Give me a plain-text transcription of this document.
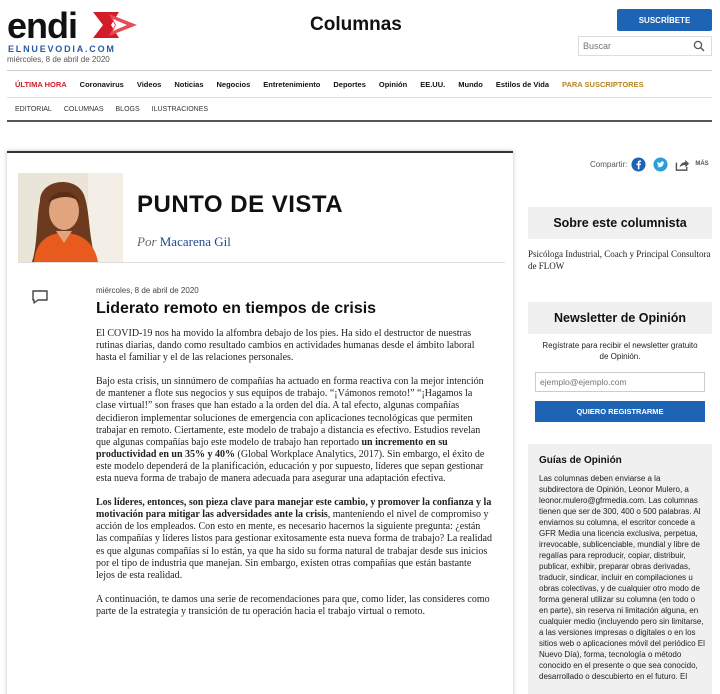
endi
ELNUEVODIA.COM
miércoles, 8 de abril de 2020
Columnas	SUSCRÍBETE
Buscar
ÚLTIMA HORA Coronavirus Videos Noticias Negocios Entretenimiento Deportes Opinión EE.UU. Mundo Estilos de Vida PARA SUSCRIPTORES
EDITORIAL COLUMNAS BLOGS ILUSTRACIONES
PUNTO DE VISTA
Por Macarena Gil
miércoles, 8 de abril de 2020
Liderato remoto en tiempos de crisis

El COVID-19 nos ha movido la alfombra debajo de los pies. Ha sido el destructor de nuestras rutinas diarias, dando como resultado cambios en actividades humanas desde el ámbito laboral hasta el familiar y el de las relaciones personales.

Bajo esta crisis, un sinnúmero de compañías ha actuado en forma reactiva con la mejor intención de mantener a flote sus negocios y sus equipos de trabajo. “¡Vámonos remoto!” “¡Hagamos la clase virtual!” son frases que han estado a la orden del día. A tal efecto, algunas compañías decidieron implementar soluciones de emergencia con aplicaciones tecnológicas que permiten trabajar en remoto. Ciertamente, este modelo de trabajo a distancia es efectivo. Estudios revelan que algunas compañías bajo este modelo de trabajo han reportado un incremento en su productividad en un 35% y 40% (Global Workplace Analytics, 2017). Sin embargo, el éxito de este modelo dependerá de la planificación, educación y por supuesto, líderes que sepan gestionar esta nueva forma de trabajo de manera adecuada para asegurar una adaptación efectiva.

Los líderes, entonces, son pieza clave para manejar este cambio, y promover la confianza y la motivación para mitigar las adversidades ante la crisis, manteniendo el nivel de compromiso y acción de los empleados. Con esto en mente, es necesario hacernos la siguiente pregunta: ¿están las compañías y líderes listos para gestionar exitosamente esta nueva forma de trabajo? La realidad es que algunas compañías sí lo están, ya que ha sido su forma natural de trabajar desde sus inicios por el tipo de industria que manejan. Sin embargo, existen otras compañías que están bastante lejos de esta realidad.

A continuación, te damos una serie de recomendaciones para que, como líder, las consideres como parte de la estrategia y transición de tu operación hacia el trabajo virtual o remoto.

Compartir:	MÁS
Sobre este columnista

Psicóloga Industrial, Coach y Principal Consultora de FLOW

Newsletter de Opinión

Regístrate para recibir el newsletter gratuito de Opinión.

ejemplo@ejemplo.com
QUIERO REGISTRARME
Guías de Opinión
Las columnas deben enviarse a la subdirectora de Opinión, Leonor Mulero, a leonor.mulero@gfrmedia.com. Las columnas tienen que ser de 300, 400 o 500 palabras. Al enviarnos su columna, el escritor concede a GFR Media una licencia exclusiva, perpetua, irrevocable, sublicenciable, mundial y libre de regalías para reproducir, copiar, distribuir, publicar, exhibir, preparar obras derivadas, traducir, sindicar, incluir en compilaciones u obras colectivas, y de cualquier otro modo de forma general utilizar su columna (en todo o en parte), sin reserva ni limitación alguna, en cualquier medio (incluyendo pero sin limitarse, a las versiones impresas o digitales o en los sitios web o aplicaciones móvil del periódico El Nuevo Día), forma, tecnología o método conocido en el presente o que sea conocido, desarrollado o descubierto en el futuro. El
